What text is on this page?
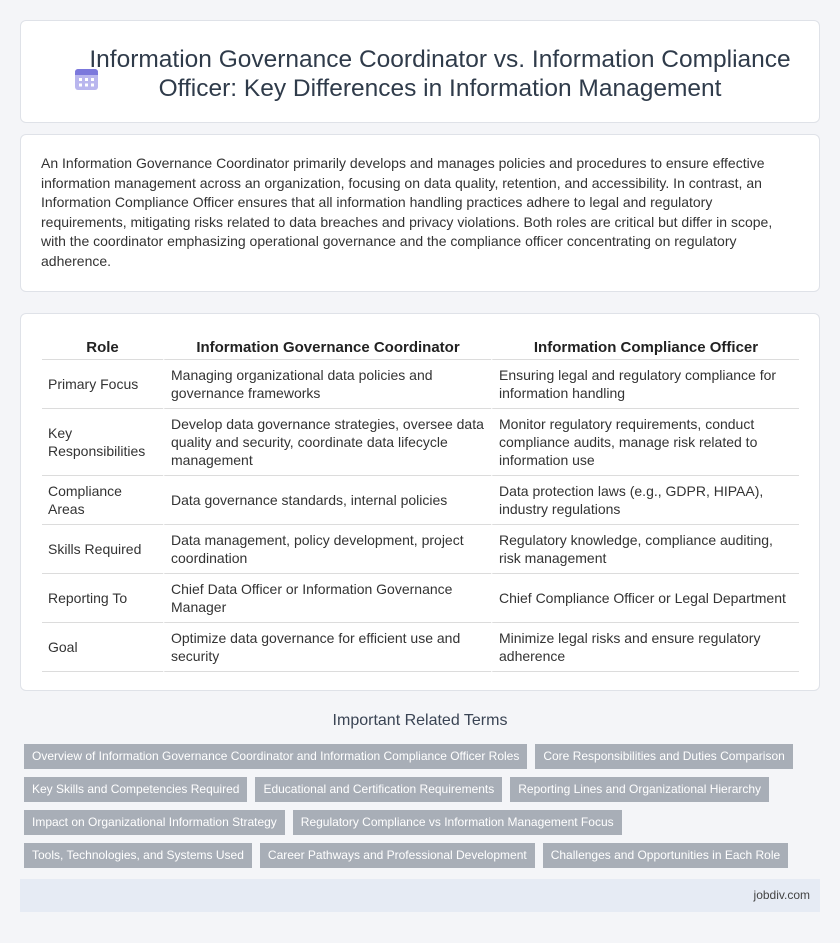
Information Governance Coordinator vs. Information Compliance Officer: Key Differences in Information Management

An Information Governance Coordinator primarily develops and manages policies and procedures to ensure effective information management across an organization, focusing on data quality, retention, and accessibility. In contrast, an Information Compliance Officer ensures that all information handling practices adhere to legal and regulatory requirements, mitigating risks related to data breaches and privacy violations. Both roles are critical but differ in scope, with the coordinator emphasizing operational governance and the compliance officer concentrating on regulatory adherence.

Role	Information Governance Coordinator	Information Compliance Officer
Primary Focus	Managing organizational data policies and governance frameworks	Ensuring legal and regulatory compliance for information handling
Key Responsibilities	Develop data governance strategies, oversee data quality and security, coordinate data lifecycle management	Monitor regulatory requirements, conduct compliance audits, manage risk related to information use
Compliance Areas	Data governance standards, internal policies	Data protection laws (e.g., GDPR, HIPAA), industry regulations
Skills Required	Data management, policy development, project coordination	Regulatory knowledge, compliance auditing, risk management
Reporting To	Chief Data Officer or Information Governance Manager	Chief Compliance Officer or Legal Department
Goal	Optimize data governance for efficient use and security	Minimize legal risks and ensure regulatory adherence
Important Related Terms
Overview of Information Governance Coordinator and Information Compliance Officer Roles	Core Responsibilities and Duties Comparison
Key Skills and Competencies Required	Educational and Certification Requirements	Reporting Lines and Organizational Hierarchy
Impact on Organizational Information Strategy	Regulatory Compliance vs Information Management Focus
Tools, Technologies, and Systems Used	Career Pathways and Professional Development	Challenges and Opportunities in Each Role
jobdiv.com
